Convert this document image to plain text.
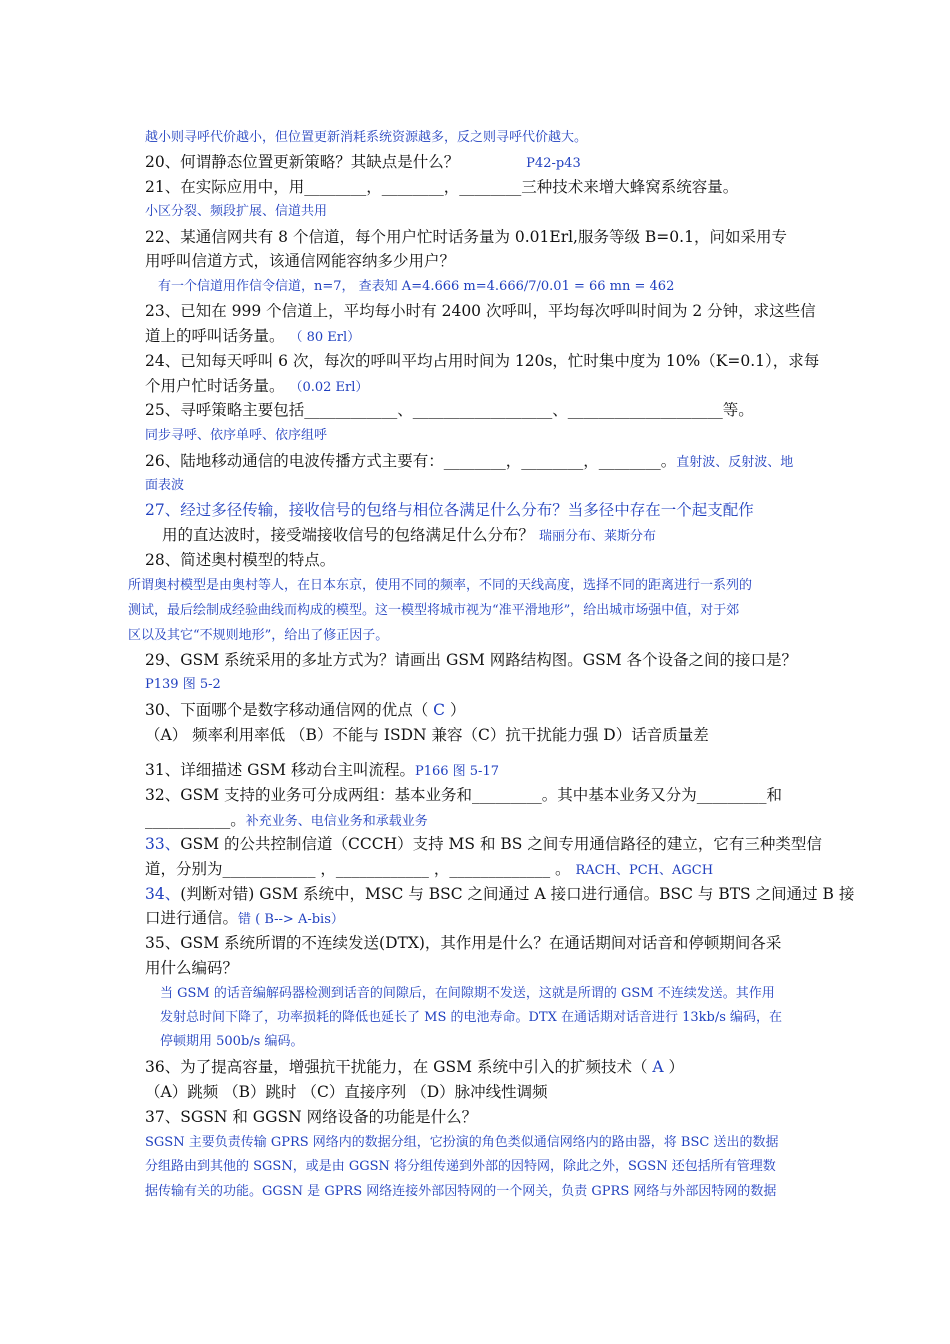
越小则寻呼代价越小，但位置更新消耗系统资源越多，反之则寻呼代价越大。
20、何谓静态位置更新策略？其缺点是什么？	P42-p43
21、在实际应用中，用________，________，________三种技术来增大蜂窝系统容量。
小区分裂、频段扩展、信道共用
22、某通信网共有 8 个信道，每个用户忙时话务量为 0.01Erl,服务等级 B=0.1，问如采用专
用呼叫信道方式，该通信网能容纳多少用户？
有一个信道用作信令信道，n=7， 查表知 A=4.666 m=4.666/7/0.01 = 66 mn = 462
23、已知在 999 个信道上，平均每小时有 2400 次呼叫，平均每次呼叫时间为 2 分钟，求这些信
道上的呼叫话务量。 （ 80 Erl）
24、已知每天呼叫 6 次，每次的呼叫平均占用时间为 120s，忙时集中度为 10%（K=0.1），求每
个用户忙时话务量。 （0.02 Erl）
25、寻呼策略主要包括____________、__________________、____________________等。
同步寻呼、依序单呼、依序组呼
26、陆地移动通信的电波传播方式主要有：________，________，________。直射波、反射波、地
面表波
27、经过多径传输，接收信号的包络与相位各满足什么分布？当多径中存在一个起支配作
用的直达波时，接受端接收信号的包络满足什么分布？ 瑞丽分布、莱斯分布
28、简述奥村模型的特点。
所谓奥村模型是由奥村等人，在日本东京，使用不同的频率，不同的天线高度，选择不同的距离进行一系列的
测试，最后绘制成经验曲线而构成的模型。这一模型将城市视为“准平滑地形”，给出城市场强中值，对于郊
区以及其它“不规则地形”，给出了修正因子。
29、GSM 系统采用的多址方式为？请画出 GSM 网路结构图。GSM 各个设备之间的接口是？
P139 图 5-2
30、下面哪个是数字移动通信网的优点（ C ）
（A） 频率利用率低 （B）不能与 ISDN 兼容（C）抗干扰能力强 D）话音质量差
31、详细描述 GSM 移动台主叫流程。P166 图 5-17
32、GSM 支持的业务可分成两组：基本业务和_________。其中基本业务又分为_________和
___________。补充业务、电信业务和承载业务
33、GSM 的公共控制信道（CCCH）支持 MS 和 BS 之间专用通信路径的建立，它有三种类型信
道，分别为____________ ，____________ ，_____________ 。 RACH、PCH、AGCH
34、(判断对错) GSM 系统中，MSC 与 BSC 之间通过 A 接口进行通信。BSC 与 BTS 之间通过 B 接
口进行通信。错 ( B--> A-bis）
35、GSM 系统所谓的不连续发送(DTX)，其作用是什么？在通话期间对话音和停顿期间各采
用什么编码？
当 GSM 的话音编解码器检测到话音的间隙后，在间隙期不发送，这就是所谓的 GSM 不连续发送。其作用
发射总时间下降了，功率损耗的降低也延长了 MS 的电池寿命。DTX 在通话期对话音进行 13kb/s 编码，在
停顿期用 500b/s 编码。
36、为了提高容量，增强抗干扰能力，在 GSM 系统中引入的扩频技术（ A ）
（A）跳频 （B）跳时 （C）直接序列 （D）脉冲线性调频
37、SGSN 和 GGSN 网络设备的功能是什么？
SGSN 主要负责传输 GPRS 网络内的数据分组，它扮演的角色类似通信网络内的路由器，将 BSC 送出的数据
分组路由到其他的 SGSN，或是由 GGSN 将分组传递到外部的因特网，除此之外，SGSN 还包括所有管理数
据传输有关的功能。GGSN 是 GPRS 网络连接外部因特网的一个网关，负责 GPRS 网络与外部因特网的数据
